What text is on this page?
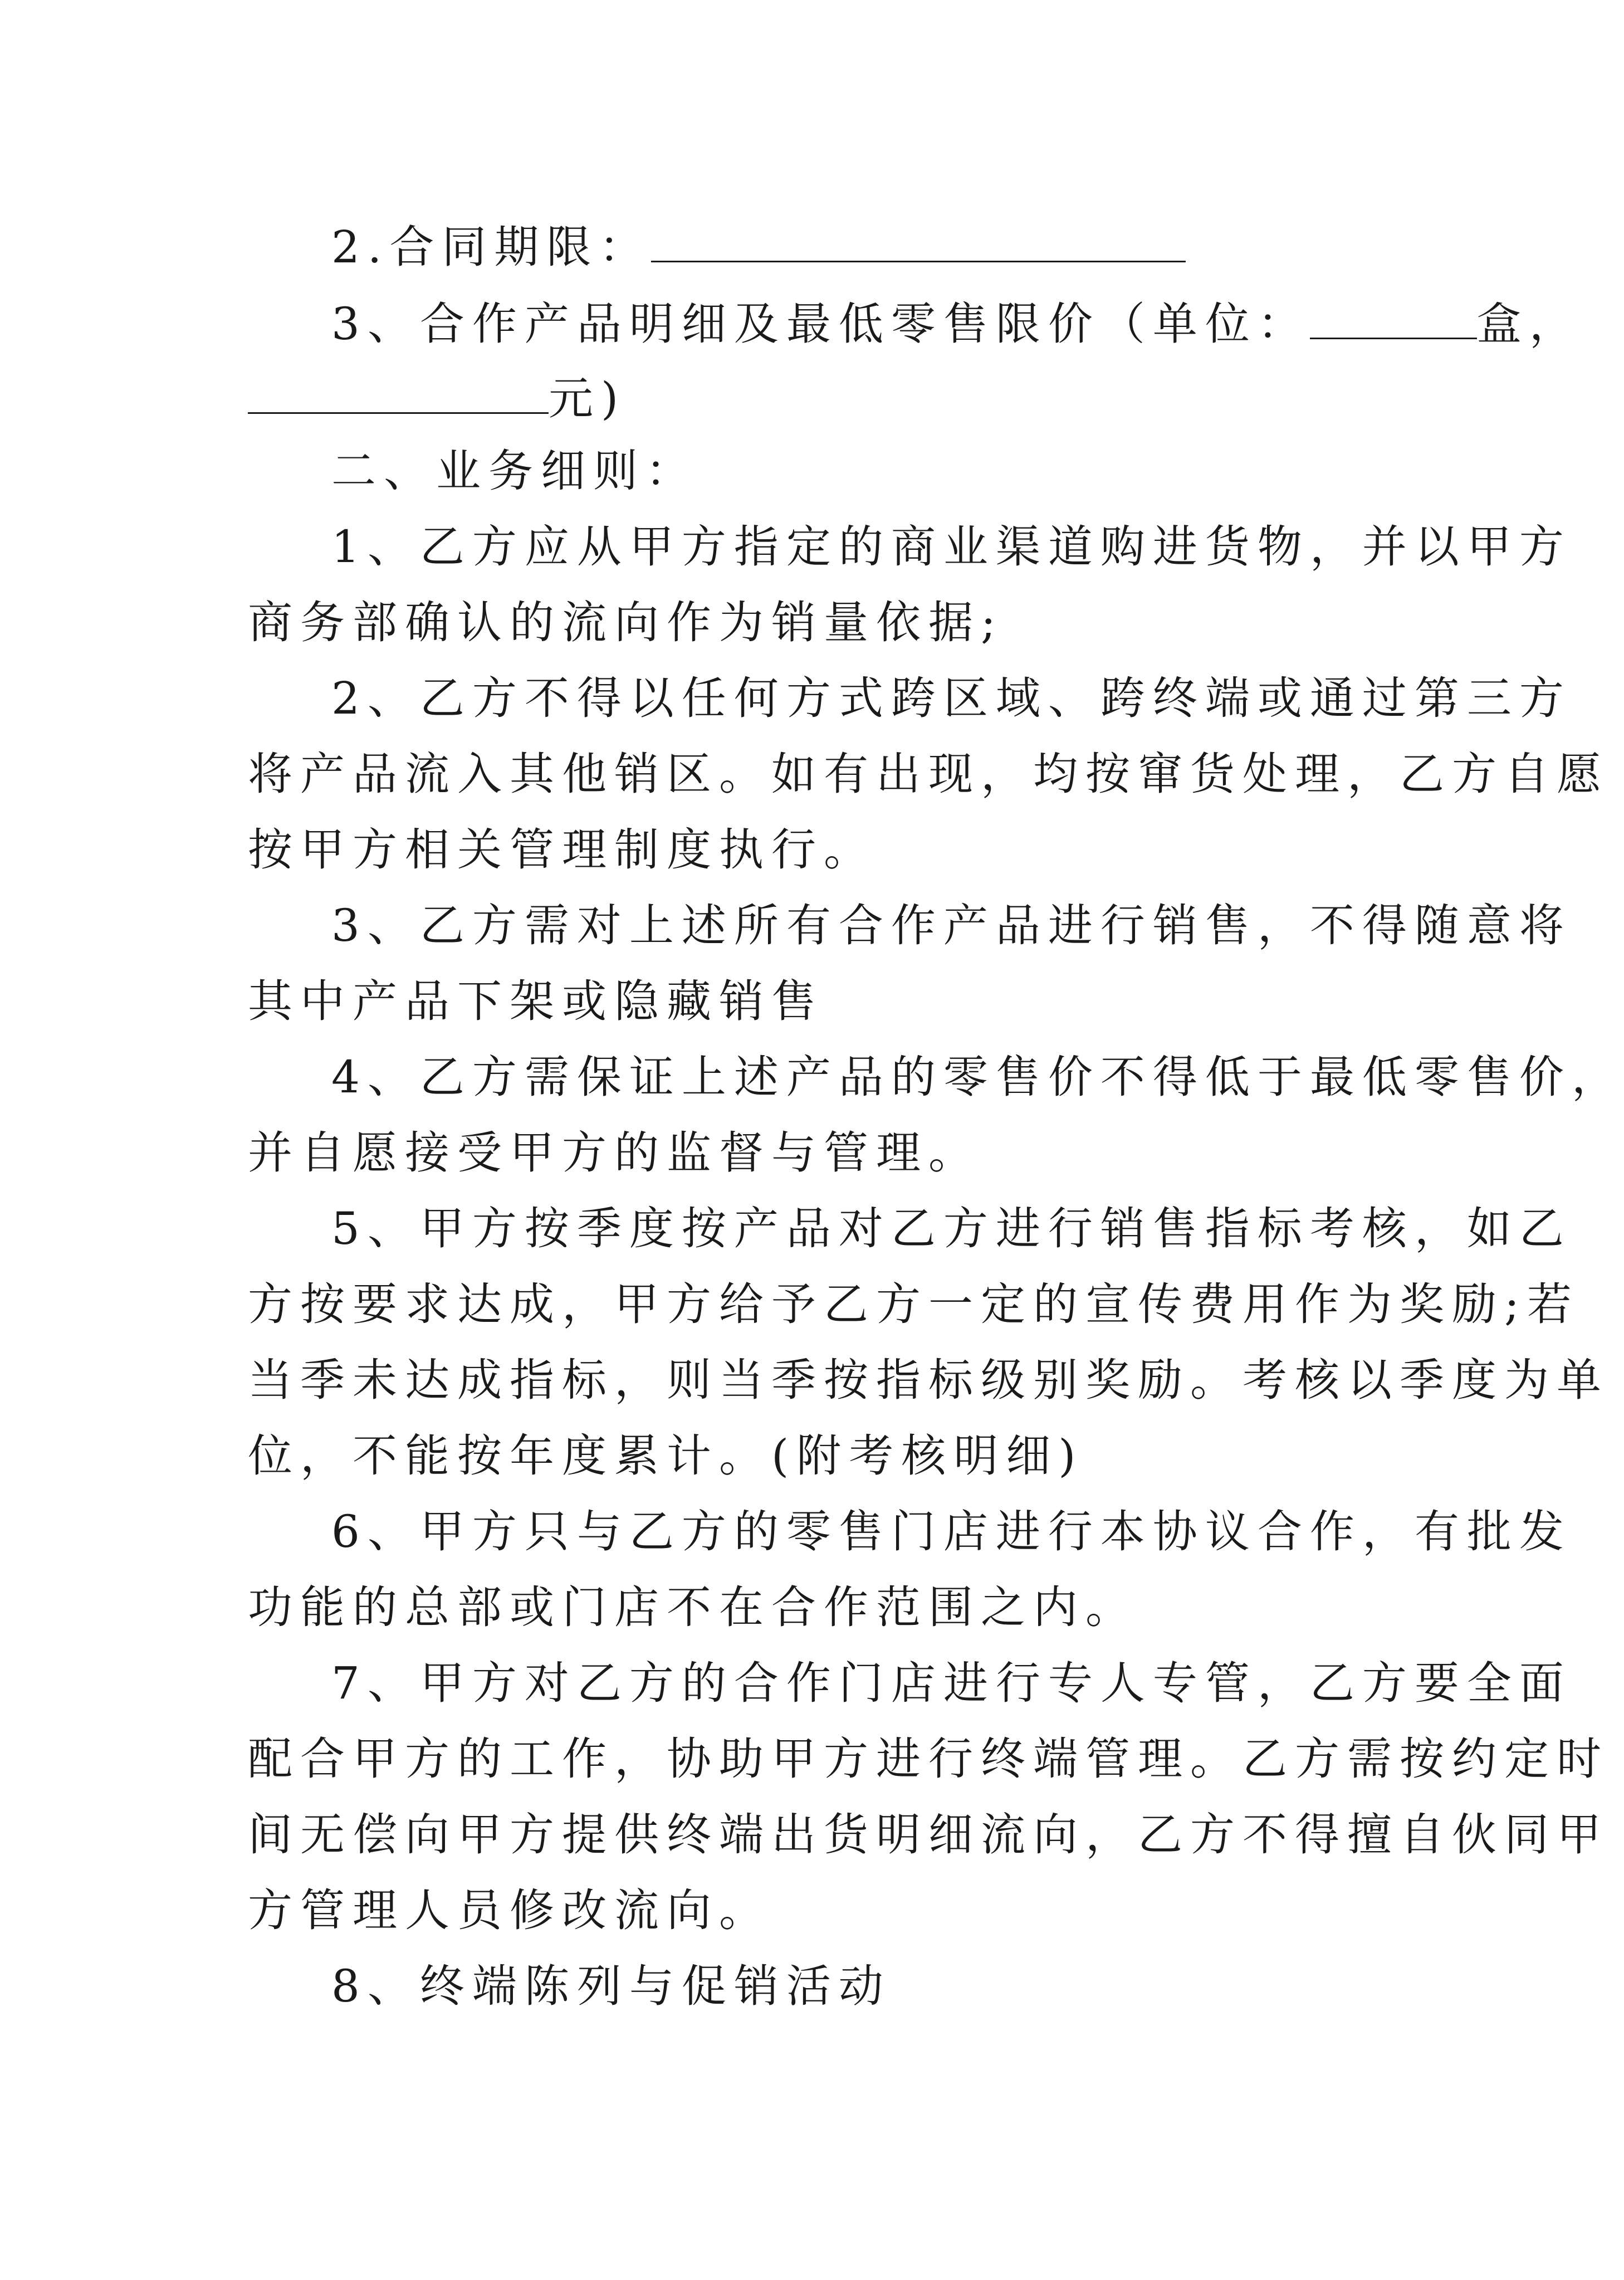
2.合同期限：
3、合作产品明细及最低零售限价（单位：	盒，
元)
二、业务细则：
1、乙方应从甲方指定的商业渠道购进货物，并以甲方
商务部确认的流向作为销量依据;
2、乙方不得以任何方式跨区域、跨终端或通过第三方
将产品流入其他销区。如有出现，均按窜货处理，乙方自愿
按甲方相关管理制度执行。
3、乙方需对上述所有合作产品进行销售，不得随意将
其中产品下架或隐藏销售
4、乙方需保证上述产品的零售价不得低于最低零售价，
并自愿接受甲方的监督与管理。
5、甲方按季度按产品对乙方进行销售指标考核，如乙
方按要求达成，甲方给予乙方一定的宣传费用作为奖励;若
当季未达成指标，则当季按指标级别奖励。考核以季度为单
位，不能按年度累计。(附考核明细)
6、甲方只与乙方的零售门店进行本协议合作，有批发
功能的总部或门店不在合作范围之内。
7、甲方对乙方的合作门店进行专人专管，乙方要全面
配合甲方的工作，协助甲方进行终端管理。乙方需按约定时
间无偿向甲方提供终端出货明细流向，乙方不得擅自伙同甲
方管理人员修改流向。
8、终端陈列与促销活动
